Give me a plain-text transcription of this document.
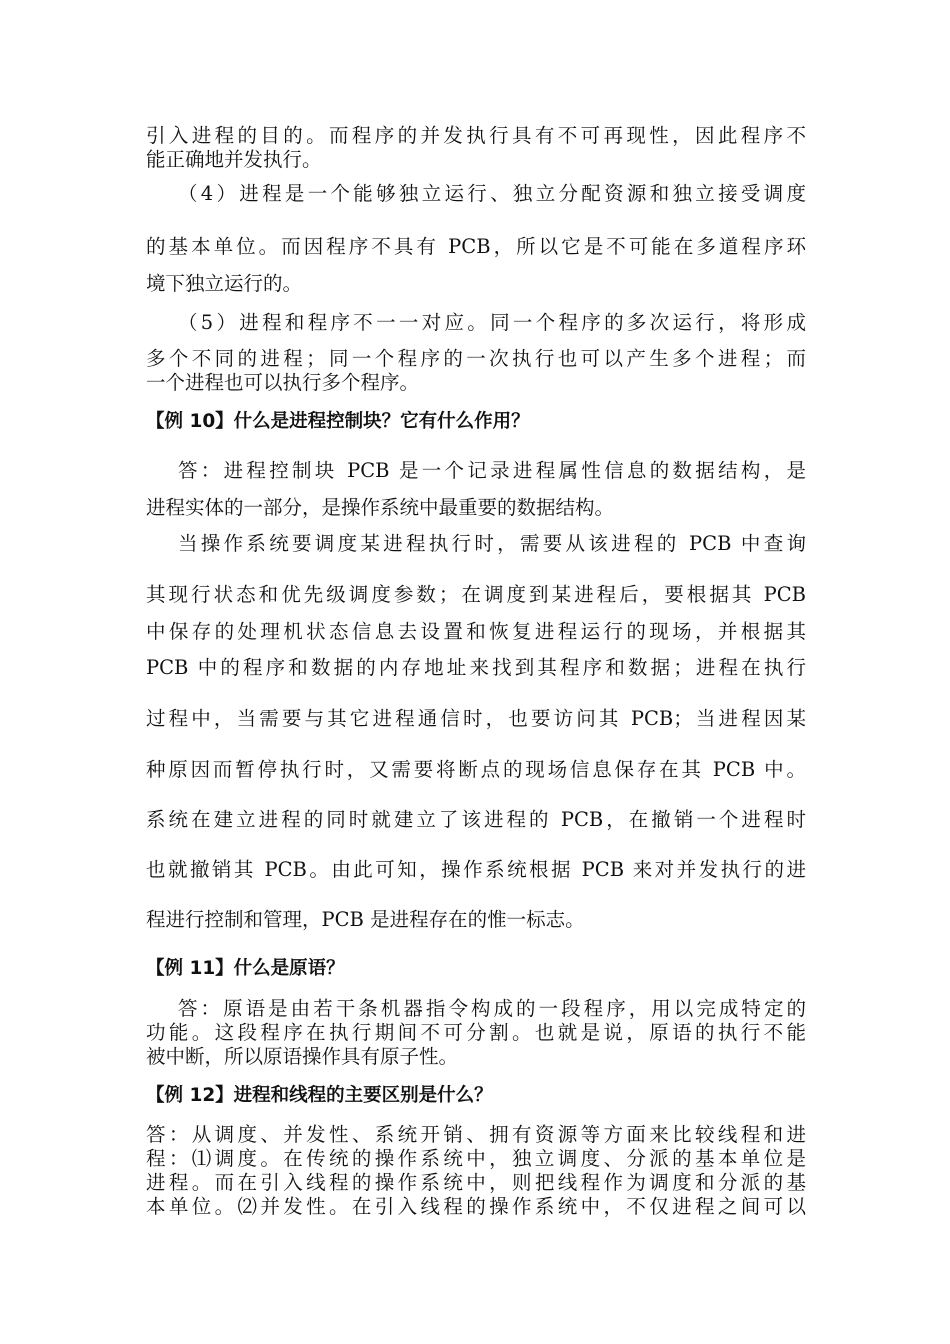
引入进程的目的。而程序的并发执行具有不可再现性，因此程序不
能正确地并发执行。
（4）进程是一个能够独立运行、独立分配资源和独立接受调度
的基本单位。而因程序不具有 PCB，所以它是不可能在多道程序环
境下独立运行的。
（5）进程和程序不一一对应。同一个程序的多次运行，将形成
多个不同的进程；同一个程序的一次执行也可以产生多个进程；而
一个进程也可以执行多个程序。
【例 10】什么是进程控制块？它有什么作用？
答：进程控制块 PCB 是一个记录进程属性信息的数据结构，是
进程实体的一部分，是操作系统中最重要的数据结构。
当操作系统要调度某进程执行时，需要从该进程的 PCB 中查询
其现行状态和优先级调度参数；在调度到某进程后，要根据其 PCB
中保存的处理机状态信息去设置和恢复进程运行的现场，并根据其
PCB 中的程序和数据的内存地址来找到其程序和数据；进程在执行
过程中，当需要与其它进程通信时，也要访问其 PCB；当进程因某
种原因而暂停执行时，又需要将断点的现场信息保存在其 PCB 中。
系统在建立进程的同时就建立了该进程的 PCB，在撤销一个进程时
也就撤销其 PCB。由此可知，操作系统根据 PCB 来对并发执行的进
程进行控制和管理，PCB 是进程存在的惟一标志。
【例 11】什么是原语？
答：原语是由若干条机器指令构成的一段程序，用以完成特定的
功能。这段程序在执行期间不可分割。也就是说，原语的执行不能
被中断，所以原语操作具有原子性。
【例 12】进程和线程的主要区别是什么？
答：从调度、并发性、系统开销、拥有资源等方面来比较线程和进
程：⑴调度。在传统的操作系统中，独立调度、分派的基本单位是
进程。而在引入线程的操作系统中，则把线程作为调度和分派的基
本单位。⑵并发性。在引入线程的操作系统中，不仅进程之间可以
